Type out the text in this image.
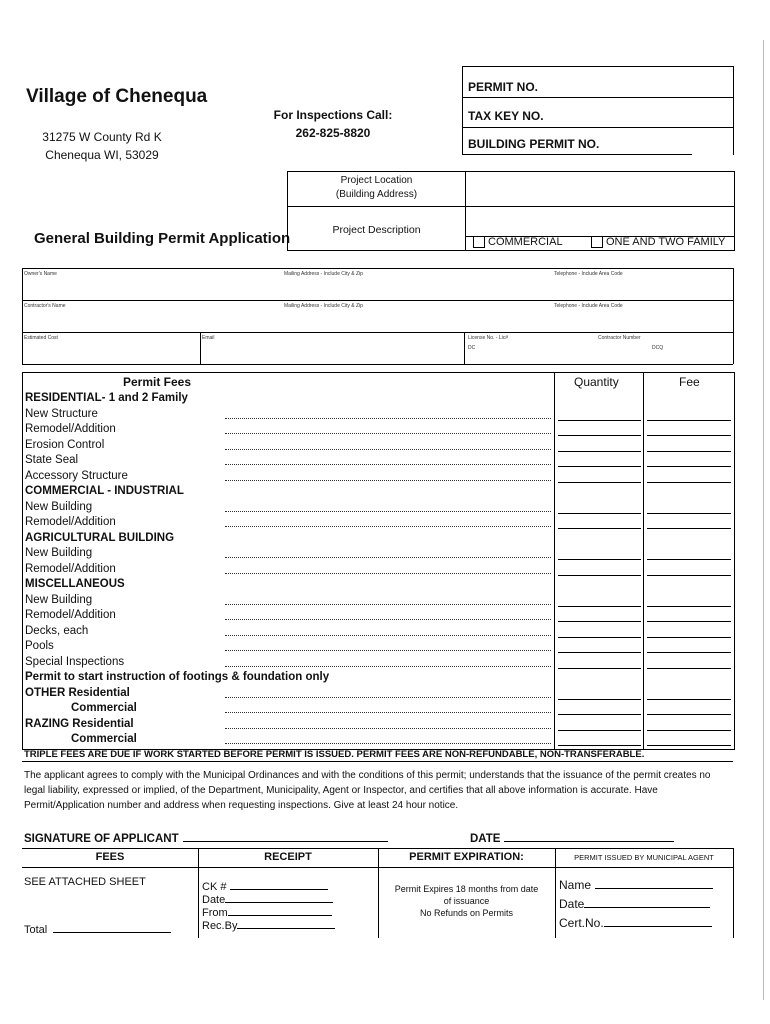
Village of Chenequa
31275 W County Rd K
Chenequa WI, 53029
For Inspections Call:
262-825-8820
General Building Permit Application
PERMIT NO.
TAX KEY NO.
BUILDING PERMIT NO.
Project Location
(Building Address)
Project Description
COMMERCIAL	ONE AND TWO FAMILY
Owner's Name	Mailing Address - Include City & Zip	Telephone - Include Area Code
Contractor's Name	Mailing Address - Include City & Zip	Telephone - Include Area Code
Estimated Cost	Email	License No. - Lic#
DC
Contractor Number
DCQ
Permit Fees	Quantity	Fee
RESIDENTIAL- 1 and 2 Family
New Structure
Remodel/Addition
Erosion Control
State Seal
Accessory Structure
COMMERCIAL - INDUSTRIAL
New Building
Remodel/Addition
AGRICULTURAL BUILDING
New Building
Remodel/Addition
MISCELLANEOUS
New Building
Remodel/Addition
Decks, each
Pools
Special Inspections
Permit to start instruction of footings & foundation only
OTHER Residential
Commercial
RAZING Residential
Commercial
TRIPLE FEES ARE DUE IF WORK STARTED BEFORE PERMIT IS ISSUED. PERMIT FEES ARE NON-REFUNDABLE, NON-TRANSFERABLE.
The applicant agrees to comply with the Municipal Ordinances and with the conditions of this permit; understands that the issuance of the permit creates no legal liability, expressed or implied, of the Department, Municipality, Agent or Inspector, and certifies that all above information is accurate. Have Permit/Application number and address when requesting inspections. Give at least 24 hour notice.
SIGNATURE OF APPLICANT	DATE
FEES	RECEIPT	PERMIT EXPIRATION:	PERMIT ISSUED BY MUNICIPAL AGENT
SEE ATTACHED SHEET
Total
CK #
Date
From
Rec.By
Permit Expires 18 months from date
of issuance
No Refunds on Permits
Name
Date
Cert.No.
